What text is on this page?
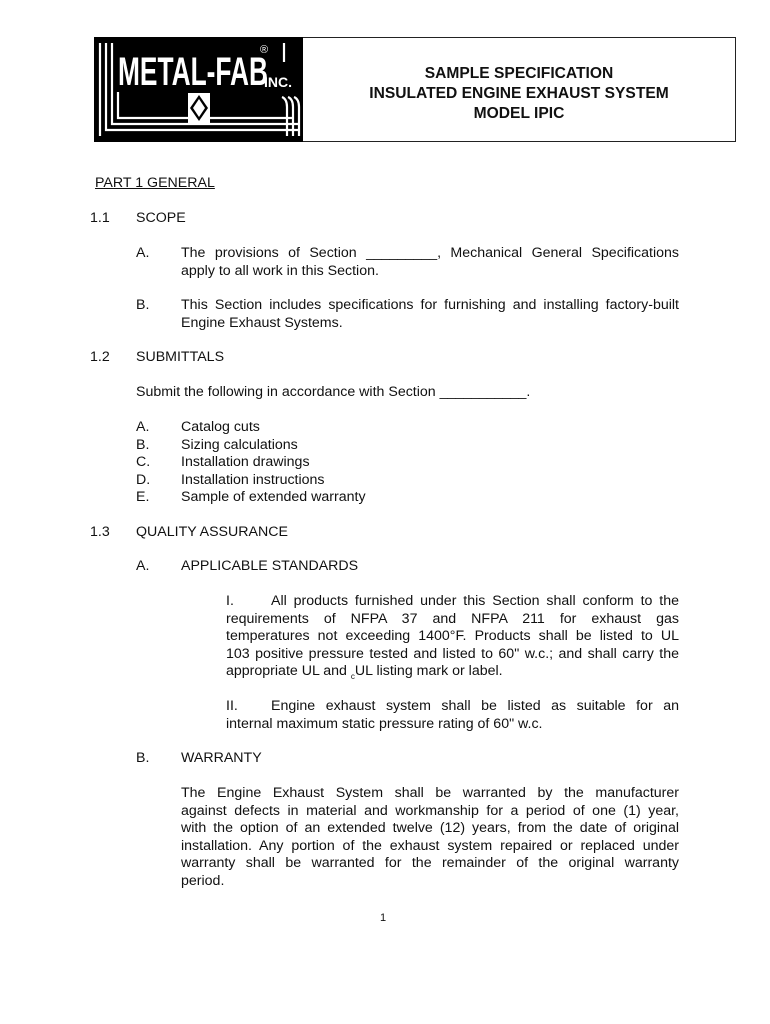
METAL-FAB
INC.
®
SAMPLE SPECIFICATION
INSULATED ENGINE EXHAUST SYSTEM
MODEL IPIC
PART 1 GENERAL
1.1 SCOPE
A. The provisions of Section _________, Mechanical General Specifications

apply to all work in this Section.

B. This Section includes specifications for furnishing and installing factory-built

Engine Exhaust Systems.

1.2 SUBMITTALS
Submit the following in accordance with Section ___________.
A. Catalog cuts
B. Sizing calculations
C. Installation drawings
D. Installation instructions
E. Sample of extended warranty
1.3 QUALITY ASSURANCE
A. APPLICABLE STANDARDS

I.	All products furnished under this Section shall conform to the

requirements of NFPA 37 and NFPA 211 for exhaust gas

temperatures not exceeding 1400°F. Products shall be listed to UL

103 positive pressure tested and listed to 60" w.c.; and shall carry the

appropriate UL and $_c$UL listing mark or label.

II. Engine exhaust system shall be listed as suitable for an

internal maximum static pressure rating of 60" w.c.

B. WARRANTY

The Engine Exhaust System shall be warranted by the manufacturer

against defects in material and workmanship for a period of one (1) year,

with the option of an extended twelve (12) years, from the date of original

installation. Any portion of the exhaust system repaired or replaced under

warranty shall be warranted for the remainder of the original warranty

period.

1
